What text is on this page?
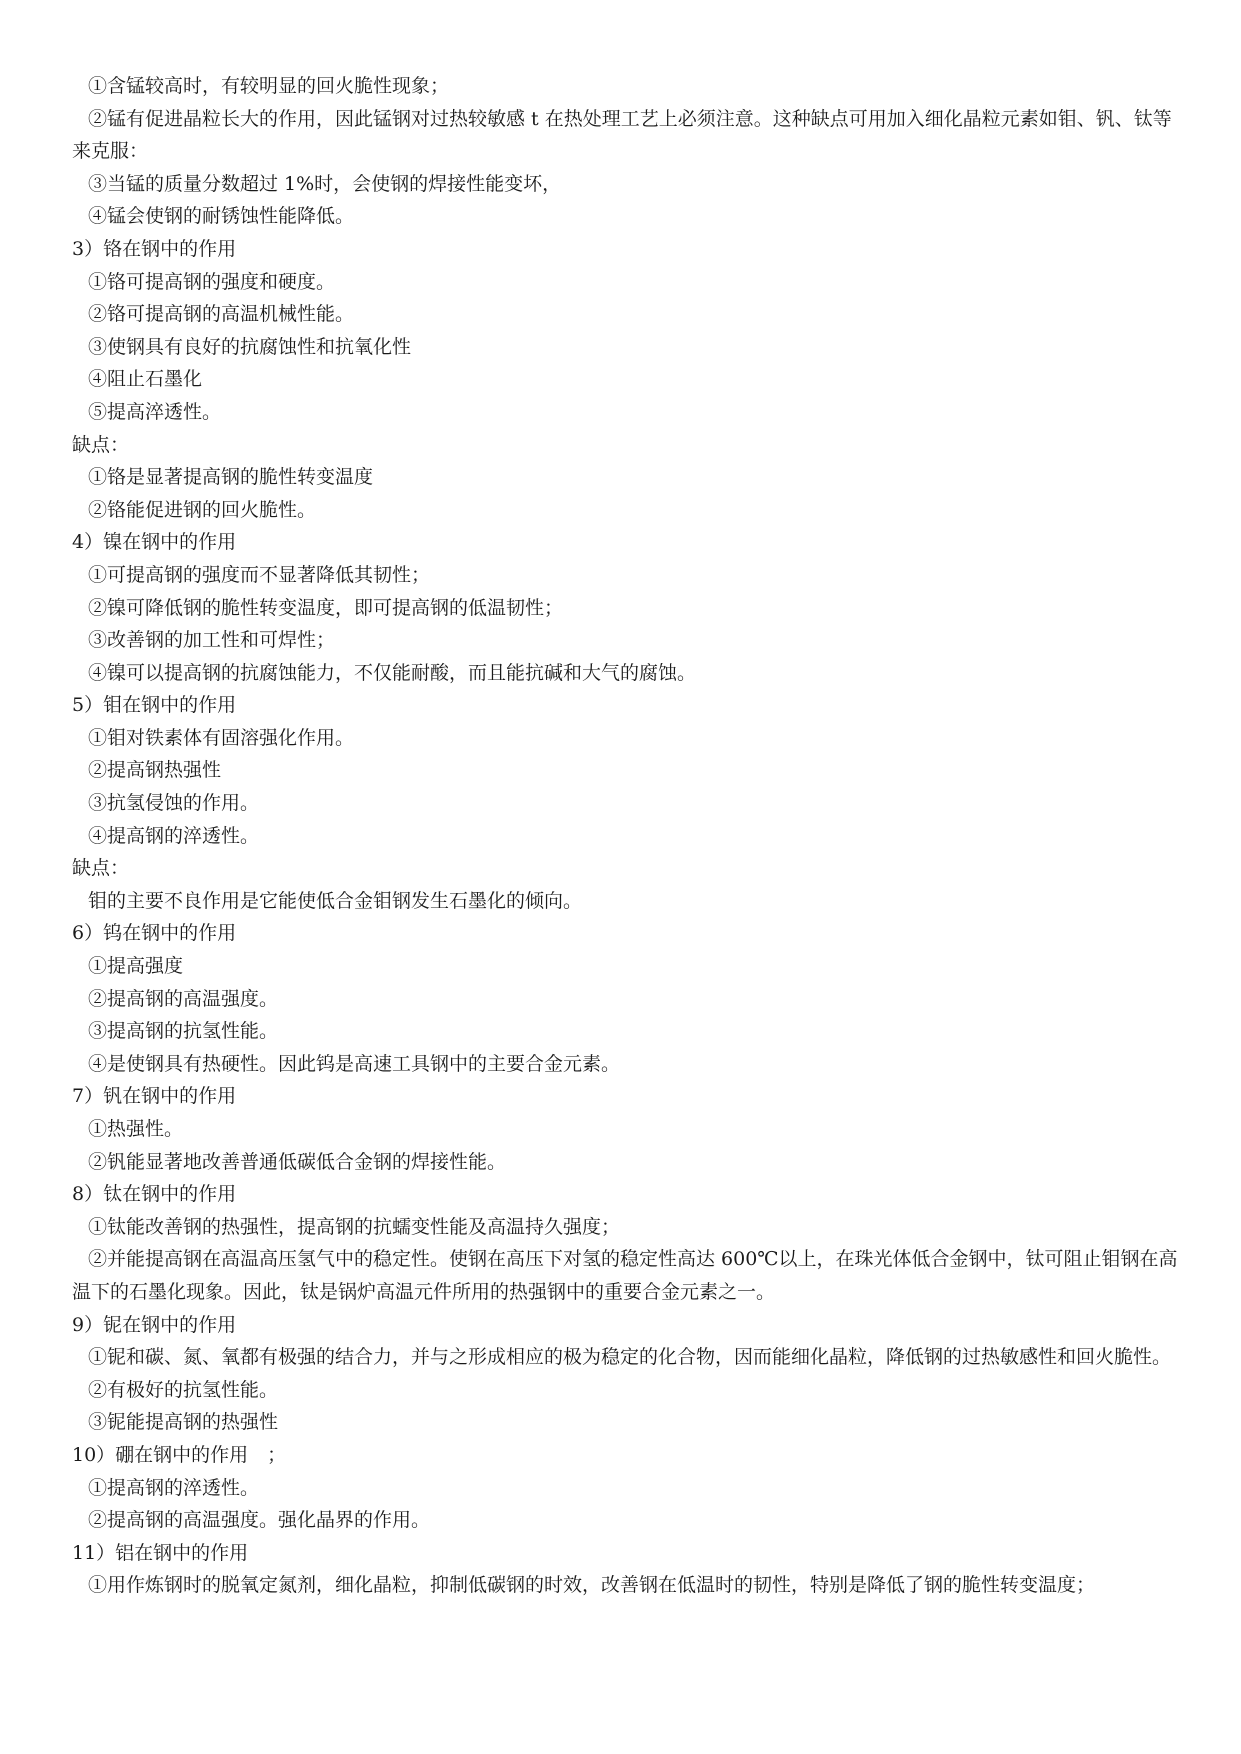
①含锰较高时，有较明显的回火脆性现象；
②锰有促进晶粒长大的作用，因此锰钢对过热较敏感 t 在热处理工艺上必须注意。这种缺点可用加入细化晶粒元素如钼、钒、钛等来克服：
③当锰的质量分数超过 1%时，会使钢的焊接性能变坏，
④锰会使钢的耐锈蚀性能降低。
3）铬在钢中的作用
①铬可提高钢的强度和硬度。
②铬可提高钢的高温机械性能。
③使钢具有良好的抗腐蚀性和抗氧化性
④阻止石墨化
⑤提高淬透性。
缺点：
①铬是显著提高钢的脆性转变温度
②铬能促进钢的回火脆性。
4）镍在钢中的作用
①可提高钢的强度而不显著降低其韧性；
②镍可降低钢的脆性转变温度，即可提高钢的低温韧性；
③改善钢的加工性和可焊性；
④镍可以提高钢的抗腐蚀能力，不仅能耐酸，而且能抗碱和大气的腐蚀。
5）钼在钢中的作用
①钼对铁素体有固溶强化作用。
②提高钢热强性
③抗氢侵蚀的作用。
④提高钢的淬透性。
缺点：
钼的主要不良作用是它能使低合金钼钢发生石墨化的倾向。
6）钨在钢中的作用
①提高强度
②提高钢的高温强度。
③提高钢的抗氢性能。
④是使钢具有热硬性。因此钨是高速工具钢中的主要合金元素。
7）钒在钢中的作用
①热强性。
②钒能显著地改善普通低碳低合金钢的焊接性能。
8）钛在钢中的作用
①钛能改善钢的热强性，提高钢的抗蠕变性能及高温持久强度；
②并能提高钢在高温高压氢气中的稳定性。使钢在高压下对氢的稳定性高达 600℃以上，在珠光体低合金钢中，钛可阻止钼钢在高温下的石墨化现象。因此，钛是锅炉高温元件所用的热强钢中的重要合金元素之一。
9）铌在钢中的作用
①铌和碳、氮、氧都有极强的结合力，并与之形成相应的极为稳定的化合物，因而能细化晶粒，降低钢的过热敏感性和回火脆性。
②有极好的抗氢性能。
③铌能提高钢的热强性
10）硼在钢中的作用　；
①提高钢的淬透性。
②提高钢的高温强度。强化晶界的作用。
11）铝在钢中的作用
①用作炼钢时的脱氧定氮剂，细化晶粒，抑制低碳钢的时效，改善钢在低温时的韧性，特别是降低了钢的脆性转变温度；
